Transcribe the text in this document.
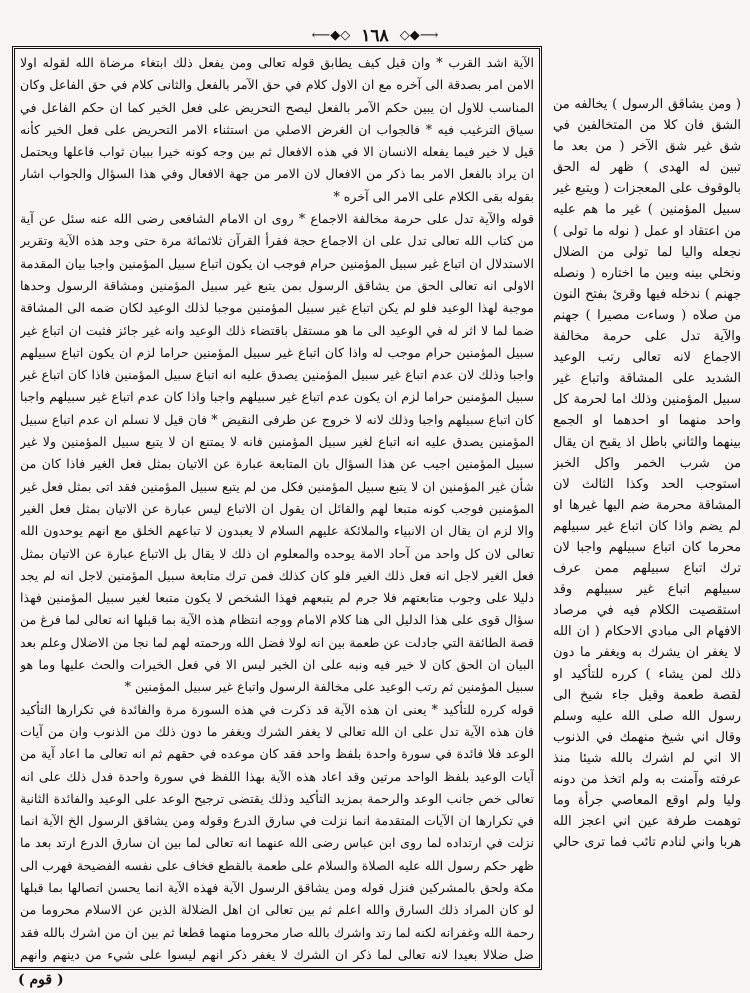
⟵◆◇ ١٦٨ ◇◆⟶

الآية اشد القرب * وان قيل كيف يطابق قوله تعالى ومن يفعل ذلك ابتغاء مرضاة الله لقوله اولا الامن امر بصدقة الى آخره مع ان الاول كلام في حق الآمر بالفعل والثانى كلام في حق الفاعل وكان المناسب للاول ان يبين حكم الآمر بالفعل ليصح التحريض على فعل الخير كما ان حكم الفاعل في سياق الترغيب فيه * فالجواب ان الغرض الاصلي من استثناء الامر التحريض على فعل الخير كأنه قيل لا خير فيما يفعله الانسان الا في هذه الافعال ثم بين وجه كونه خيرا ببيان ثواب فاعلها ويحتمل ان يراد بالفعل الامر بما ذكر من الافعال لان الامر من جهة الافعال وفي هذا السؤال والجواب اشار بقوله بقى الكلام على الامر الى آخره *

قوله والآية تدل على حرمة مخالفة الاجماع * روى ان الامام الشافعى رضى الله عنه سئل عن آية من كتاب الله تعالى تدل على ان الاجماع حجة فقرأ القرآن ثلاثمائة مرة حتى وجد هذه الآية وتقرير الاستدلال ان اتباع غير سبيل المؤمنين حرام فوجب ان يكون اتباع سبيل المؤمنين واجبا بيان المقدمة الاولى انه تعالى الحق من يشاقق الرسول بمن يتبع غير سبيل المؤمنين ومشاقة الرسول وحدها موجبة لهذا الوعيد فلو لم يكن اتباع غير سبيل المؤمنين موجبا لذلك الوعيد لكان ضمه الى المشاقة ضما لما لا اثر له في الوعيد الى ما هو مستقل باقتضاء ذلك الوعيد وانه غير جائز فثبت ان اتباع غير سبيل المؤمنين حرام موجب له واذا كان اتباع غير سبيل المؤمنين حراما لزم ان يكون اتباع سبيلهم واجبا وذلك لان عدم اتباع غير سبيل المؤمنين يصدق عليه انه اتباع سبيل المؤمنين فاذا كان اتباع غير سبيل المؤمنين حراما لزم ان يكون عدم اتباع غير سبيلهم واجبا واذا كان عدم اتباع غير سبيلهم واجبا كان اتباع سبيلهم واجبا وذلك لانه لا خروج عن طرفى النقيض * فان قيل لا نسلم ان عدم اتباع سبيل المؤمنين يصدق عليه انه اتباع لغير سبيل المؤمنين فانه لا يمتنع ان لا يتبع سبيل المؤمنين ولا غير سبيل المؤمنين اجيب عن هذا السؤال بان المتابعة عبارة عن الاتيان بمثل فعل الغير فاذا كان من شأن غير المؤمنين ان لا يتبع سبيل المؤمنين فكل من لم يتبع سبيل المؤمنين فقد اتى بمثل فعل غير المؤمنين فوجب كونه متبعا لهم والقائل ان يقول ان الاتباع ليس عبارة عن الاتيان بمثل فعل الغير والا لزم ان يقال ان الانبياء والملائكة عليهم السلام لا يعبدون لا تباعهم الخلق مع انهم يوحدون الله تعالى لان كل واحد من آحاد الامة يوحده والمعلوم ان ذلك لا يقال بل الاتباع عبارة عن الاتيان بمثل فعل الغير لاجل انه فعل ذلك الغير فلو كان كذلك فمن ترك متابعة سبيل المؤمنين لاجل انه لم يجد دليلا على وجوب متابعتهم فلا جرم لم يتبعهم فهذا الشخص لا يكون متبعا لغير سبيل المؤمنين فهذا سؤال قوى على هذا الدليل الى هنا كلام الامام ووجه انتظام هذه الآية بما قبلها انه تعالى لما فرغ من قصة الطائفة التي جادلت عن طعمة بين انه لولا فضل الله ورحمته لهم لما نجا من الاضلال وعلم بعد البيان ان الحق كان لا خير فيه ونبه على ان الخير ليس الا في فعل الخيرات والحث عليها وما هو سبيل المؤمنين ثم رتب الوعيد على مخالفة الرسول واتباع غير سبيل المؤمنين *

قوله كرره للتأكيد * يعنى ان هذه الآية قد ذكرت في هذه السورة مرة والفائدة في تكرارها التأكيد فان هذه الآية تدل على ان الله تعالى لا يغفر الشرك ويغفر ما دون ذلك من الذنوب وان من آيات الوعد فلا فائدة في سورة واحدة بلفظ واحد فقد كان موعده في حقهم ثم انه تعالى ما اعاد آية من آيات الوعيد بلفظ الواحد مرتين وقد اعاد هذه الآية بهذا اللفظ في سورة واحدة فدل ذلك على انه تعالى خص جانب الوعد والرحمة بمزيد التأكيد وذلك يقتضى ترجيح الوعد على الوعيد والفائدة الثانية في تكرارها ان الآيات المتقدمة انما نزلت في سارق الدرع وقوله ومن يشاقق الرسول الخ الآية انما نزلت في ارتداده لما روى ابن عباس رضى الله عنهما انه تعالى لما بين ان سارق الدرع ارتد بعد ما ظهر حكم رسول الله عليه الصلاة والسلام على طعمة بالقطع فخاف على نفسه الفضيحة فهرب الى مكة ولحق بالمشركين فنزل قوله ومن يشاقق الرسول الآية فهذه الآية انما يحسن اتصالها بما قبلها لو كان المراد ذلك السارق والله اعلم ثم بين تعالى ان اهل الضلالة الذين عن الاسلام محروما من رحمة الله وغفرانه لكنه لما رتد واشرك بالله صار محروما منهما قطعا ثم بين ان من اشرك بالله فقد ضل ضلالا بعيدا لانه تعالى لما ذكر ان الشرك لا يغفر ذكر انهم ليسوا على شيء من دينهم وانهم

( ومن يشاقق الرسول ) يخالفه من الشق فان كلا من المتخالفين في شق غير شق الآخر ( من بعد ما تبين له الهدى ) ظهر له الحق بالوقوف على المعجزات ( ويتبع غير سبيل المؤمنين ) غير ما هم عليه من اعتقاد او عمل ( نوله ما تولى ) نجعله واليا لما تولى من الضلال ونخلي بينه وبين ما اختاره ( ونصله جهنم ) ندخله فيها وقرئ بفتح النون من صلاه ( وساءت مصيرا ) جهنم والآية تدل على حرمة مخالفة الاجماع لانه تعالى رتب الوعيد الشديد على المشاقة واتباع غير سبيل المؤمنين وذلك اما لحرمة كل واحد منهما او احدهما او الجمع بينهما والثاني باطل اذ يقبح ان يقال من شرب الخمر واكل الخبز استوجب الحد وكذا الثالث لان المشاقة محرمة ضم اليها غيرها او لم يضم واذا كان اتباع غير سبيلهم محرما كان اتباع سبيلهم واجبا لان ترك اتباع سبيلهم ممن عرف سبيلهم اتباع غير سبيلهم وقد استقصيت الكلام فيه في مرصاد الافهام الى مبادي الاحكام ( ان الله لا يغفر ان يشرك به ويغفر ما دون ذلك لمن يشاء ) كرره للتأكيد او لقصة طعمة وقيل جاء شيخ الى رسول الله صلى الله عليه وسلم وقال اني شيخ منهمك في الذنوب الا اني لم اشرك بالله شيئا منذ عرفته وآمنت به ولم اتخذ من دونه وليا ولم اوقع المعاصي جرأة وما توهمت طرفة عين اني اعجز الله هربا واني لنادم تائب فما ترى حالي

( قوم )
